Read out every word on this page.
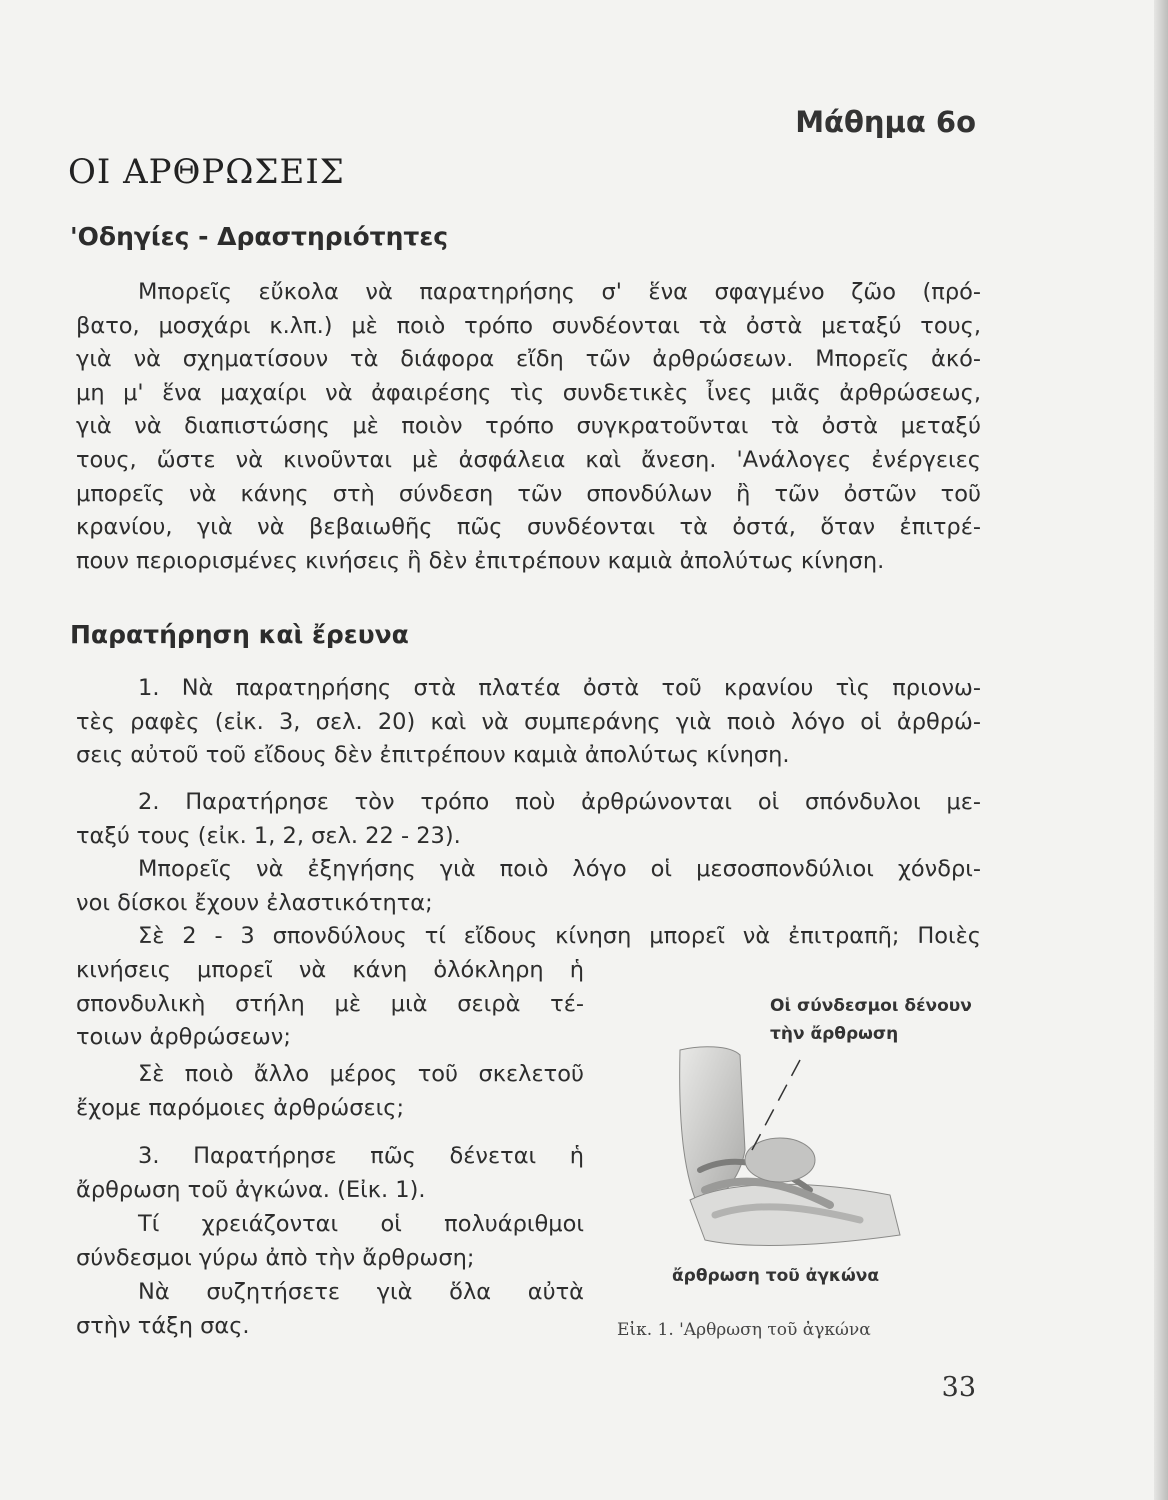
Μάθημα 6ο
ΟΙ ΑΡΘΡΩΣΕΙΣ
'Οδηγίες - Δραστηριότητες

Μπορεῖς εὔκολα νὰ παρατηρήσης σ' ἕνα σφαγμένο ζῶο (πρό-

βατο, μοσχάρι κ.λπ.) μὲ ποιὸ τρόπο συνδέονται τὰ ὀστὰ μεταξύ τους,

γιὰ νὰ σχηματίσουν τὰ διάφορα εἴδη τῶν ἀρθρώσεων. Μπορεῖς ἀκό-

μη μ' ἕνα μαχαίρι νὰ ἀφαιρέσης τὶς συνδετικὲς ἶνες μιᾶς ἀρθρώσεως,

γιὰ νὰ διαπιστώσης μὲ ποιὸν τρόπο συγκρατοῦνται τὰ ὀστὰ μεταξύ

τους, ὥστε νὰ κινοῦνται μὲ ἀσφάλεια καὶ ἄνεση. 'Ανάλογες ἐνέργειες

μπορεῖς νὰ κάνης στὴ σύνδεση τῶν σπονδύλων ἢ τῶν ὀστῶν τοῦ

κρανίου, γιὰ νὰ βεβαιωθῆς πῶς συνδέονται τὰ ὀστά, ὅταν ἐπιτρέ-

πουν περιορισμένες κινήσεις ἢ δὲν ἐπιτρέπουν καμιὰ ἀπολύτως κίνηση.

Παρατήρηση καὶ ἔρευνα

1. Νὰ παρατηρήσης στὰ πλατέα ὀστὰ τοῦ κρανίου τὶς πριονω-

τὲς ραφὲς (εἰκ. 3, σελ. 20) καὶ νὰ συμπεράνης γιὰ ποιὸ λόγο οἱ ἀρθρώ-

σεις αὐτοῦ τοῦ εἴδους δὲν ἐπιτρέπουν καμιὰ ἀπολύτως κίνηση.

2. Παρατήρησε τὸν τρόπο ποὺ ἀρθρώνονται οἱ σπόνδυλοι με-

ταξύ τους (εἰκ. 1, 2, σελ. 22 - 23).

Μπορεῖς νὰ ἐξηγήσης γιὰ ποιὸ λόγο οἱ μεσοσπονδύλιοι χόνδρι-

νοι δίσκοι ἔχουν ἐλαστικότητα;

Σὲ 2 - 3 σπονδύλους τί εἴδους κίνηση μπορεῖ νὰ ἐπιτραπῆ; Ποιὲς

κινήσεις μπορεῖ νὰ κάνη ὁλόκληρη ἡ

σπονδυλικὴ στήλη μὲ μιὰ σειρὰ τέ-

τοιων ἀρθρώσεων;

Σὲ ποιὸ ἄλλο μέρος τοῦ σκελετοῦ

ἔχομε παρόμοιες ἀρθρώσεις;

3. Παρατήρησε πῶς δένεται ἡ

ἄρθρωση τοῦ ἀγκώνα. (Εἰκ. 1).

Τί χρειάζονται οἱ πολυάριθμοι

σύνδεσμοι γύρω ἀπὸ τὴν ἄρθρωση;

Νὰ συζητήσετε γιὰ ὅλα αὐτὰ

στὴν τάξη σας.

Οἱ σύνδεσμοι δένουν
τὴν ἄρθρωση
ἄρθρωση τοῦ ἀγκώνα
Εἰκ. 1. 'Αρθρωση τοῦ ἀγκώνα
33
